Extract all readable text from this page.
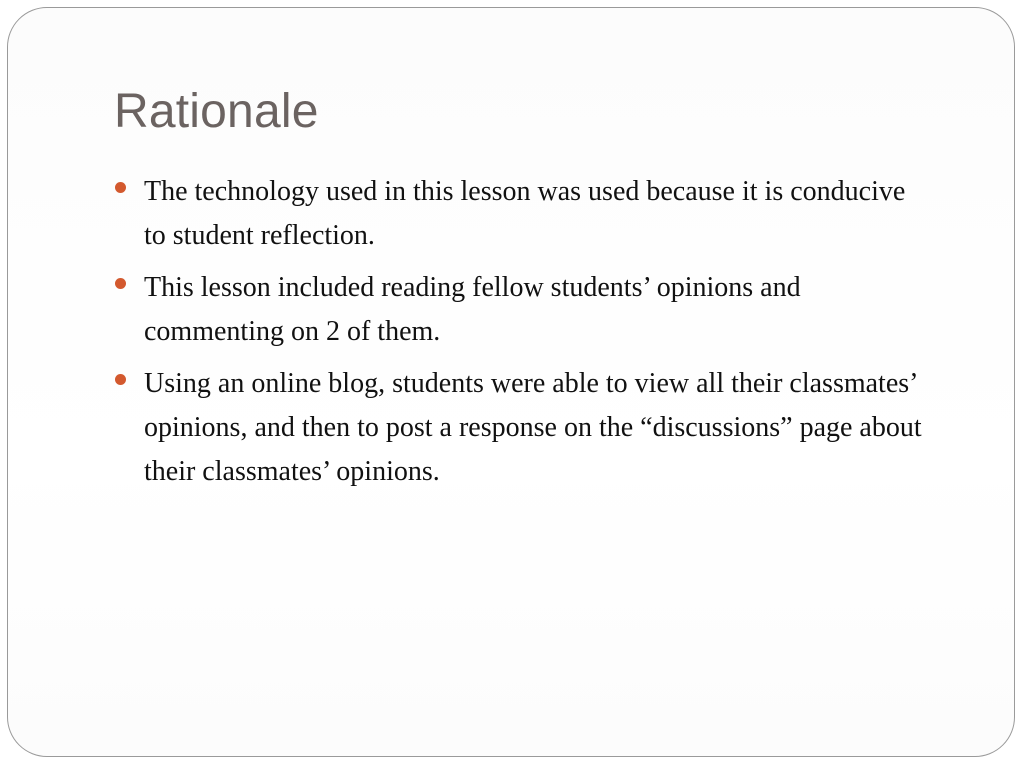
Rationale
The technology used in this lesson was used because it is conducive to student reflection.
This lesson included reading fellow students’ opinions and commenting on 2 of them.
Using an online blog, students were able to view all their classmates’ opinions, and then to post a response on the “discussions” page about their classmates’ opinions.
